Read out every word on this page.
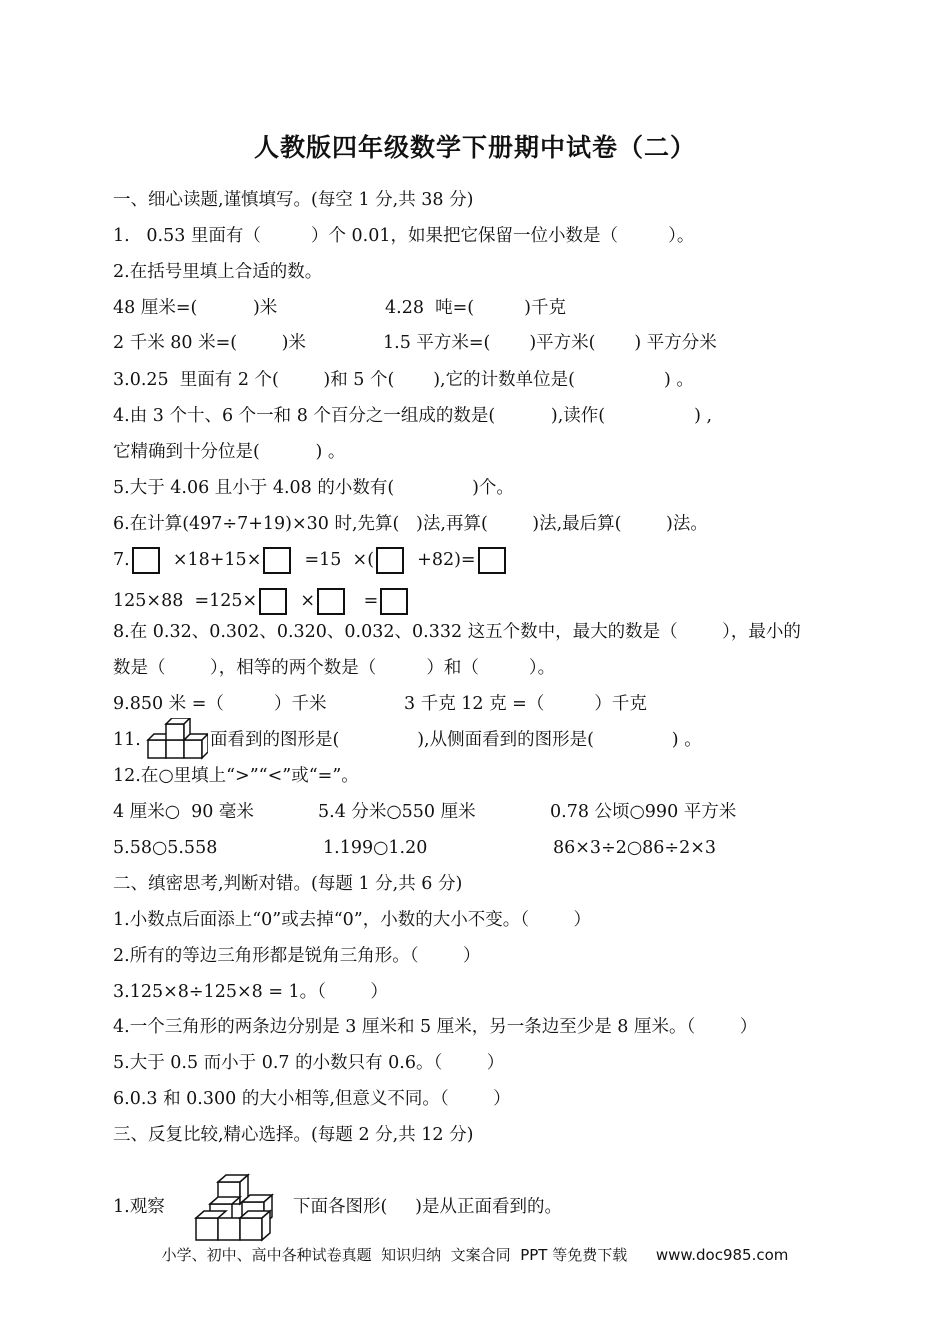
人教版四年级数学下册期中试卷（二）
一、细心读题,谨慎填写。(每空 1 分,共 38 分)
1.   0.53 里面有（         ）个 0.01，如果把它保留一位小数是（         ）。
2.在括号里填上合适的数。
48 厘米=(          )米	4.28  吨=(         )千克
2 千米 80 米=(        )米	1.5 平方米=(       )平方米(       ) 平方分米
3.0.25  里面有 2 个(        )和 5 个(       ),它的计数单位是(                ) 。
4.由 3 个十、6 个一和 8 个百分之一组成的数是(          ),读作(                ) ,
它精确到十分位是(          ) 。
5.大于 4.06 且小于 4.08 的小数有(              )个。
6.在计算(497÷7+19)×30 时,先算(   )法,再算(        )法,最后算(        )法。
7.  ×18+15×  =15  ×(  +82)=
125×88  =125×  ×   =
8.在 0.32、0.302、0.320、0.032、0.332 这五个数中，最大的数是（        ），最小的
数是（        ），相等的两个数是（         ）和（         ）。
9.850 米 =（         ）千米	3 千克 12 克 =（         ）千克
11.	面看到的图形是(              ),从侧面看到的图形是(              ) 。
12.在○里填上“>”“<”或“=”。
4 厘米○  90 毫米	5.4 分米○550 厘米	0.78 公顷○990 平方米
5.58○5.558	1.199○1.20	86×3÷2○86÷2×3
二、缜密思考,判断对错。(每题 1 分,共 6 分)
1.小数点后面添上“0”或去掉“0”，小数的大小不变。（        ）
2.所有的等边三角形都是锐角三角形。（        ）
3.125×8÷125×8 = 1。（        ）
4.一个三角形的两条边分别是 3 厘米和 5 厘米，另一条边至少是 8 厘米。（        ）
5.大于 0.5 而小于 0.7 的小数只有 0.6。（        ）
6.0.3 和 0.300 的大小相等,但意义不同。（        ）
三、反复比较,精心选择。(每题 2 分,共 12 分)
1.观察	下面各图形(     )是从正面看到的。
小学、初中、高中各种试卷真题  知识归纳  文案合同  PPT 等免费下载      www.doc985.com
